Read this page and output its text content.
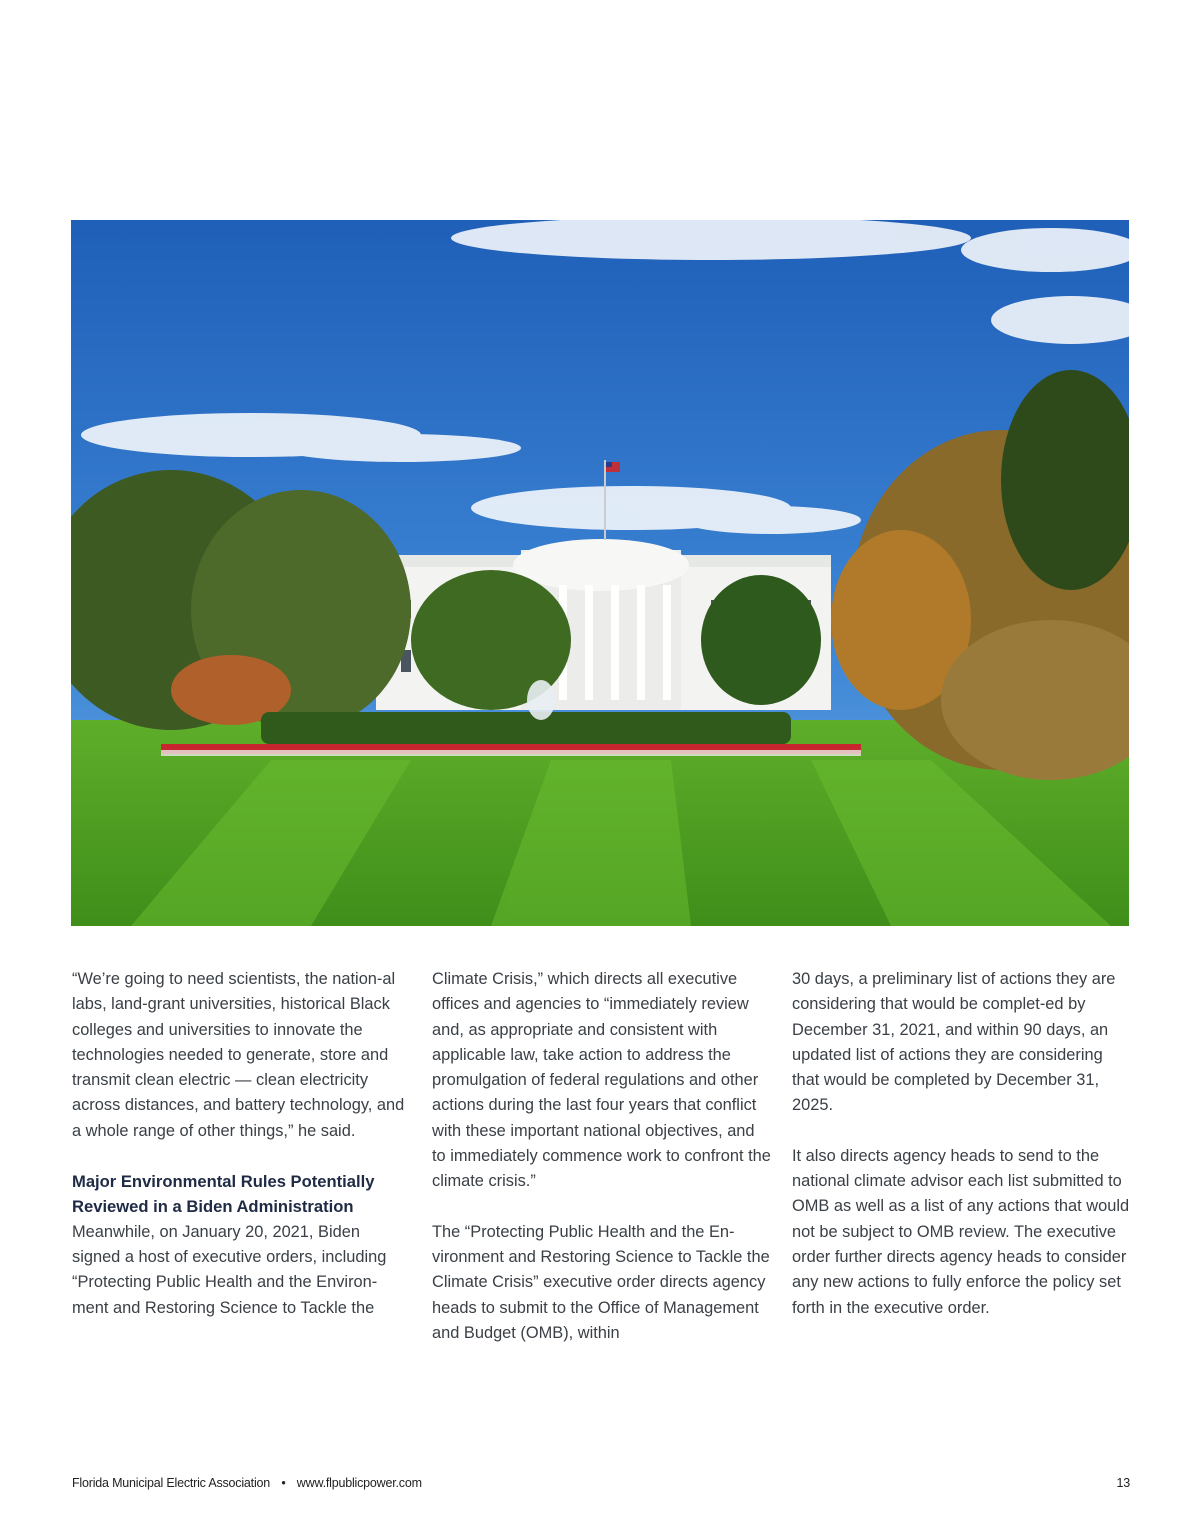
“We’re going to need scientists, the nation-al labs, land-grant universities, historical Black colleges and universities to innovate the technologies needed to generate, store and transmit clean electric — clean electricity across distances, and battery technology, and a whole range of other things,” he said.

Major Environmental Rules Potentially Reviewed in a Biden Administration

Meanwhile, on January 20, 2021, Biden signed a host of executive orders, including “Protecting Public Health and the Environ-ment and Restoring Science to Tackle the

Climate Crisis,” which directs all executive offices and agencies to “immediately review and, as appropriate and consistent with applicable law, take action to address the promulgation of federal regulations and other actions during the last four years that conflict with these important national objectives, and to immediately commence work to confront the climate crisis.”

The “Protecting Public Health and the En-vironment and Restoring Science to Tackle the Climate Crisis” executive order directs agency heads to submit to the Office of Management and Budget (OMB), within

30 days, a preliminary list of actions they are considering that would be complet-ed by December 31, 2021, and within 90 days, an updated list of actions they are considering that would be completed by December 31, 2025.

It also directs agency heads to send to the national climate advisor each list submitted to OMB as well as a list of any actions that would not be subject to OMB review. The executive order further directs agency heads to consider any new actions to fully enforce the policy set forth in the executive order.

Florida Municipal Electric Association • www.flpublicpower.com	13
